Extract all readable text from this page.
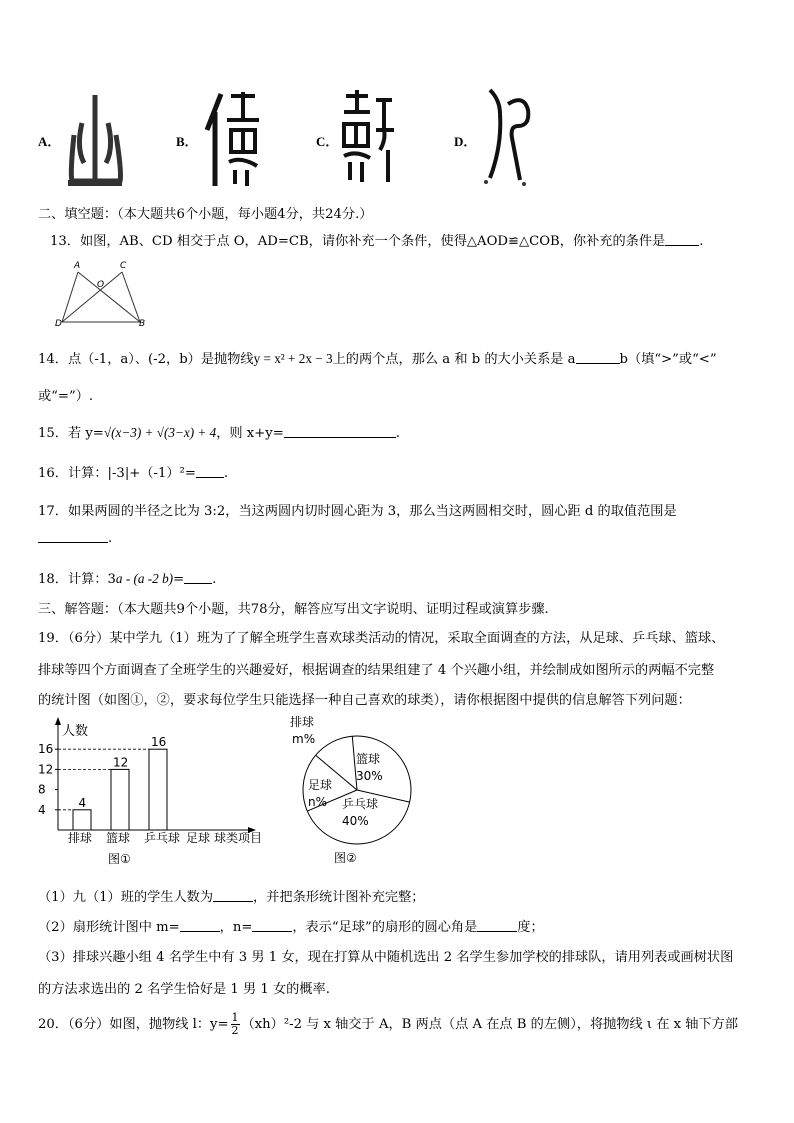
A．	B．	C．	D．
二、填空题：（本大题共6个小题，每小题4分，共24分.）
13．如图，AB、CD 相交于点 O，AD=CB，请你补充一个条件，使得△AOD≌△COB，你补充的条件是	.
A	C
O
D	B
14．点（-1，a）、(-2，b）是抛物线y = x² + 2x − 3上的两个点，那么 a 和 b 的大小关系是 a	b（填“>”或“<”
或“=”）.
15．若 y=√(x−3) + √(3−x) + 4，则 x+y=	.
16．计算：|-3|+（-1）²= .
17．如果两圆的半径之比为 3:2，当这两圆内切时圆心距为 3，那么当这两圆相交时，圆心距 d 的取值范围是
.
18．计算：3a - (a -2 b)= .
三、解答题：（本大题共9个小题，共78分，解答应写出文字说明、证明过程或演算步骤.
19．（6分）某中学九（1）班为了了解全班学生喜欢球类活动的情况，采取全面调查的方法，从足球、乒乓球、篮球、
排球等四个方面调查了全班学生的兴趣爱好，根据调查的结果组建了 4 个兴趣小组，并绘制成如图所示的两幅不完整
的统计图（如图①，②，要求每位学生只能选择一种自己喜欢的球类），请你根据图中提供的信息解答下列问题：
人数
球类项目
图①
4
8
12
16
排球
4
篮球
12
乒乓球
16
足球
排球
m%
篮球
30%
足球
n% 乒乓球
40%
图②
（1）九（1）班的学生人数为	，并把条形统计图补充完整；
（2）扇形统计图中 m=	，n=	，表示“足球”的扇形的圆心角是	度；
（3）排球兴趣小组 4 名学生中有 3 男 1 女，现在打算从中随机选出 2 名学生参加学校的排球队，请用列表或画树状图
的方法求选出的 2 名学生恰好是 1 男 1 女的概率.
20．（6分）如图，抛物线 l：$y= \frac{1}{2} (xh)^2-2$ 与 x 轴交于 A，B 两点（点 A 在点 B 的左侧），将抛物线 ι 在 x 轴下方部
